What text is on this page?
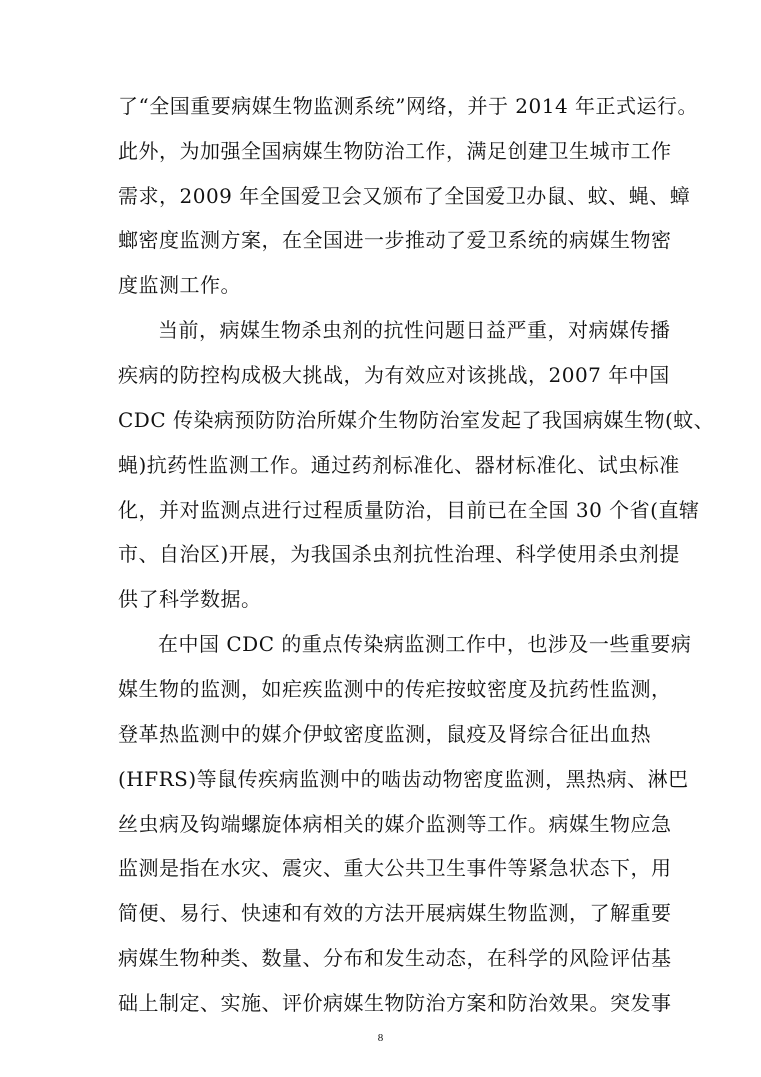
了“全国重要病媒生物监测系统”网络，并于 2014 年正式运行。
此外，为加强全国病媒生物防治工作，满足创建卫生城市工作
需求，2009 年全国爱卫会又颁布了全国爱卫办鼠、蚊、蝇、蟑
螂密度监测方案，在全国进一步推动了爱卫系统的病媒生物密
度监测工作。
当前，病媒生物杀虫剂的抗性问题日益严重，对病媒传播
疾病的防控构成极大挑战，为有效应对该挑战，2007 年中国
CDC 传染病预防防治所媒介生物防治室发起了我国病媒生物(蚊、
蝇)抗药性监测工作。通过药剂标准化、器材标准化、试虫标准
化，并对监测点进行过程质量防治，目前已在全国 30 个省(直辖
市、自治区)开展，为我国杀虫剂抗性治理、科学使用杀虫剂提
供了科学数据。
在中国 CDC 的重点传染病监测工作中，也涉及一些重要病
媒生物的监测，如疟疾监测中的传疟按蚊密度及抗药性监测，
登革热监测中的媒介伊蚊密度监测，鼠疫及肾综合征出血热
(HFRS)等鼠传疾病监测中的啮齿动物密度监测，黑热病、淋巴
丝虫病及钩端螺旋体病相关的媒介监测等工作。病媒生物应急
监测是指在水灾、震灾、重大公共卫生事件等紧急状态下，用
简便、易行、快速和有效的方法开展病媒生物监测，了解重要
病媒生物种类、数量、分布和发生动态，在科学的风险评估基
础上制定、实施、评价病媒生物防治方案和防治效果。突发事
8
